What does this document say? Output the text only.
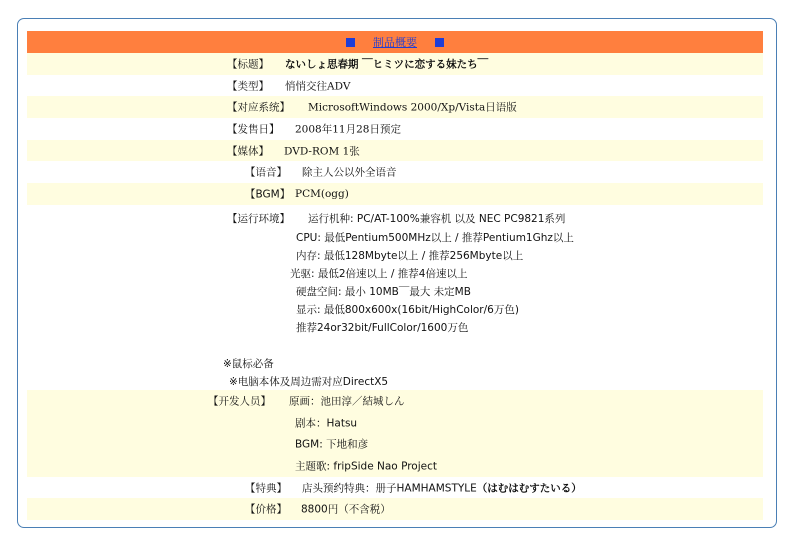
制品概要
【标题】 ないしょ思春期 ￣ヒミツに恋する妹たち￣
【类型】 悄悄交往ADV
【对应系统】 MicrosoftWindows 2000/Xp/Vista日语版
【发售日】 2008年11月28日预定
【媒体】 DVD-ROM 1张
【语音】 除主人公以外全语音
【BGM】 PCM(ogg)
【运行环境】 运行机种: PC/AT-100%兼容机 以及 NEC PC9821系列
CPU: 最低Pentium500MHz以上 / 推荐Pentium1Ghz以上
内存: 最低128Mbyte以上 / 推荐256Mbyte以上
光驱: 最低2倍速以上 / 推荐4倍速以上
硬盘空间: 最小 10MB￣最大 未定MB
显示: 最低800x600x(16bit/HighColor/6万色)
推荐24or32bit/FullColor/1600万色
※鼠标必备
※电脑本体及周边需对应DirectX5
【开发人员】 原画：池田淳／結城しん
剧本：Hatsu
BGM: 下地和彦
主题歌: fripSide Nao Project
【特典】 店头预约特典：册子HAMHAMSTYLE（はむはむすたいる）
【价格】 8800円（不含税）
